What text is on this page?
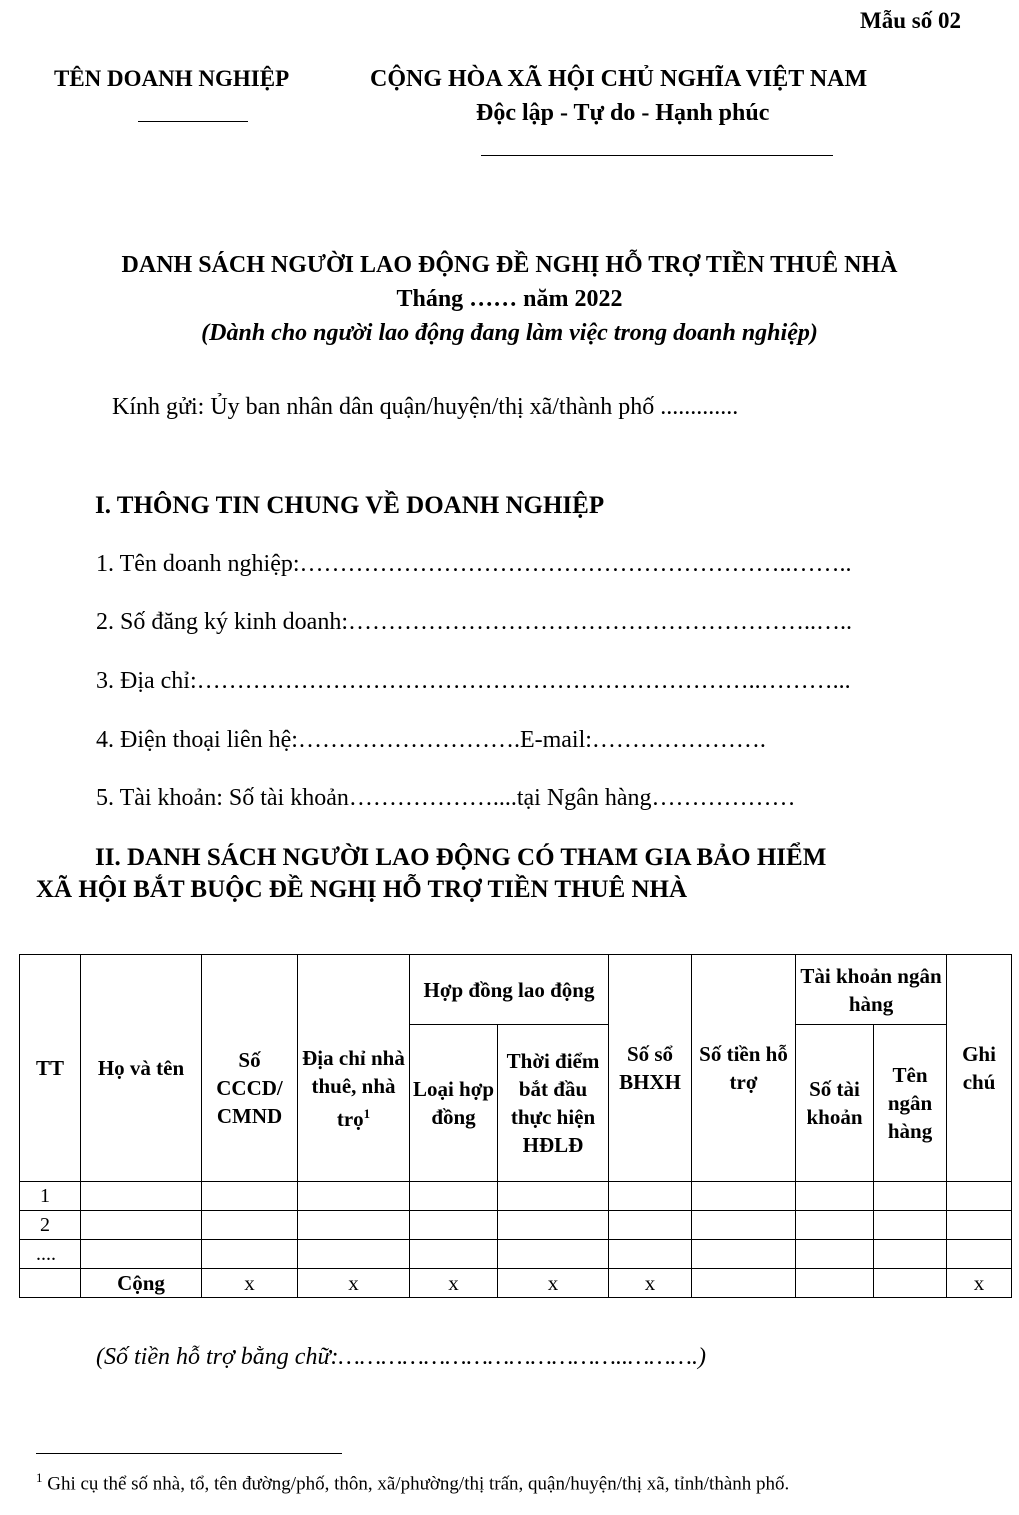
Mẫu số 02
TÊN DOANH NGHIỆP	CỘNG HÒA XÃ HỘI CHỦ NGHĨA VIỆT NAM
Độc lập - Tự do - Hạnh phúc
DANH SÁCH NGƯỜI LAO ĐỘNG ĐỀ NGHỊ HỖ TRỢ TIỀN THUÊ NHÀ
Tháng …… năm 2022
(Dành cho người lao động đang làm việc trong doanh nghiệp)
Kính gửi: Ủy ban nhân dân quận/huyện/thị xã/thành phố .............
I. THÔNG TIN CHUNG VỀ DOANH NGHIỆP
1. Tên doanh nghiệp:……………………………………………………..……..
2. Số đăng ký kinh doanh:…………………………………………………..…..
3. Địa chỉ:……………………………………………………………..………...
4. Điện thoại liên hệ:……………………….E-mail:………………….
5. Tài khoản: Số tài khoản………………....tại Ngân hàng………………
II. DANH SÁCH NGƯỜI LAO ĐỘNG CÓ THAM GIA BẢO HIỂM
XÃ HỘI BẮT BUỘC ĐỀ NGHỊ HỖ TRỢ TIỀN THUÊ NHÀ
TT	Họ và tên	Số CCCD/ CMND	Địa chỉ nhà thuê, nhà trọ$^1$	Hợp đồng lao động		Số sổ BHXH	Số tiền hỗ trợ	Tài khoản ngân hàng		Ghi chú
				Loại hợp đồng	Thời điểm bắt đầu thực hiện HĐLĐ			Số tài khoản	Tên ngân hàng	
1										
2										
....										
	Cộng	x	x	x	x	x				x
(Số tiền hỗ trợ bằng chữ:…………………………………..……….)
$^1$ Ghi cụ thể số nhà, tổ, tên đường/phố, thôn, xã/phường/thị trấn, quận/huyện/thị xã, tỉnh/thành phố.
